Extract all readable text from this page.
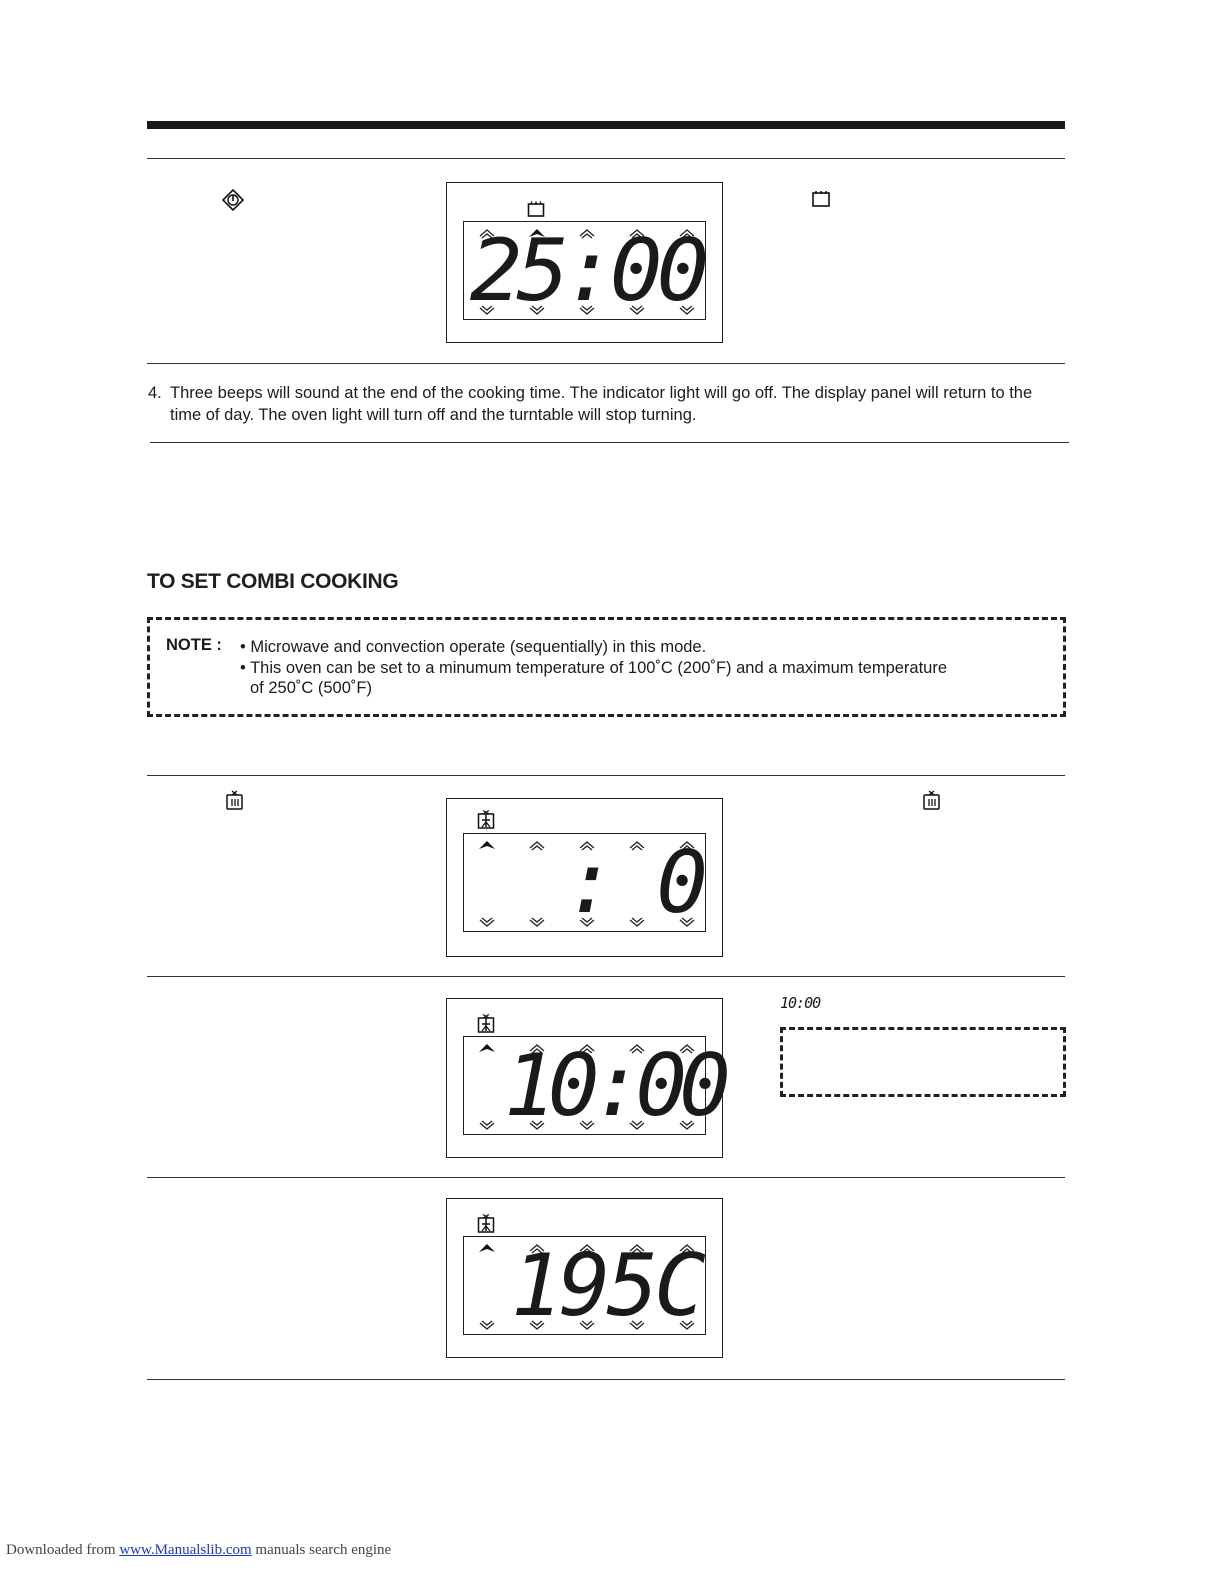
25:00
4. Three beeps will sound at the end of the cooking time. The indicator light will go off. The display panel will return to the time of day. The oven light will turn off and the turntable will stop turning.
TO SET COMBI COOKING
NOTE : • Microwave and convection operate (sequentially) in this mode.
• This oven can be set to a minumum temperature of 100˚C (200˚F) and a maximum temperature
of 250˚C (500˚F)
: 0
10:00
10:00
195C
Downloaded from www.Manualslib.com manuals search engine
